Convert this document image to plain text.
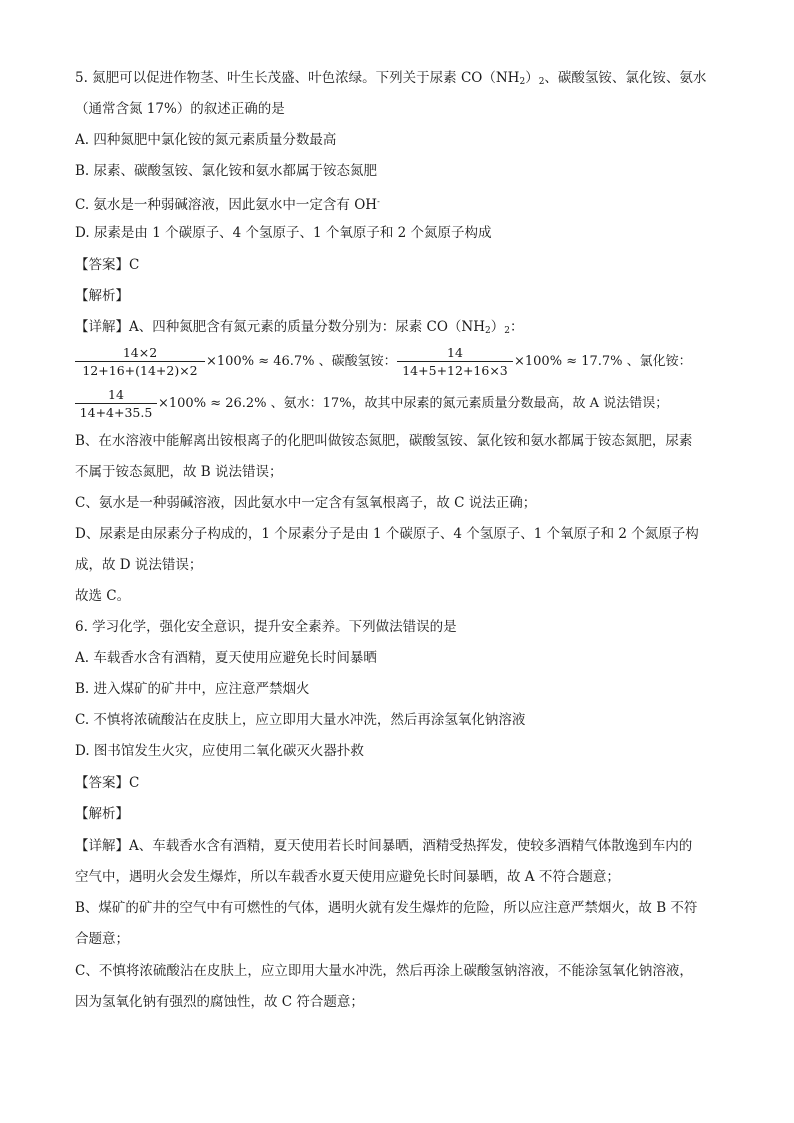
5. 氮肥可以促进作物茎、叶生长茂盛、叶色浓绿。下列关于尿素 $CO(NH_2)_2$、碳酸氢铵、氯化铵、氨水
（通常含氮 17%）的叙述正确的是
A. 四种氮肥中氯化铵的氮元素质量分数最高
B. 尿素、碳酸氢铵、氯化铵和氨水都属于铵态氮肥
C. 氨水是一种弱碱溶液，因此氨水中一定含有 OH-
D. 尿素是由 1 个碳原子、4 个氢原子、1 个氧原子和 2 个氮原子构成
【答案】C
【解析】
【详解】A、四种氮肥含有氮元素的质量分数分别为：尿素 $CO(NH_2)_2$：
14×2
12+16+(14+2)×2
×100% ≈ 46.7% 、碳酸氢铵：
14
14+5+12+16×3
×100% ≈ 17.7% 、氯化铵：
14
14+4+35.5
×100% ≈ 26.2% 、氨水：17%，故其中尿素的氮元素质量分数最高，故 A 说法错误；
B、在水溶液中能解离出铵根离子的化肥叫做铵态氮肥，碳酸氢铵、氯化铵和氨水都属于铵态氮肥，尿素
不属于铵态氮肥，故 B 说法错误；
C、氨水是一种弱碱溶液，因此氨水中一定含有氢氧根离子，故 C 说法正确；
D、尿素是由尿素分子构成的，1 个尿素分子是由 1 个碳原子、4 个氢原子、1 个氧原子和 2 个氮原子构
成，故 D 说法错误；
故选 C。
6. 学习化学，强化安全意识，提升安全素养。下列做法错误的是
A. 车载香水含有酒精，夏天使用应避免长时间暴晒
B. 进入煤矿的矿井中，应注意严禁烟火
C. 不慎将浓硫酸沾在皮肤上，应立即用大量水冲洗，然后再涂氢氧化钠溶液
D. 图书馆发生火灾，应使用二氧化碳灭火器扑救
【答案】C
【解析】
【详解】A、车载香水含有酒精，夏天使用若长时间暴晒，酒精受热挥发，使较多酒精气体散逸到车内的
空气中，遇明火会发生爆炸，所以车载香水夏天使用应避免长时间暴晒，故 A 不符合题意；
B、煤矿的矿井的空气中有可燃性的气体，遇明火就有发生爆炸的危险，所以应注意严禁烟火，故 B 不符
合题意；
C、不慎将浓硫酸沾在皮肤上，应立即用大量水冲洗，然后再涂上碳酸氢钠溶液，不能涂氢氧化钠溶液，
因为氢氧化钠有强烈的腐蚀性，故 C 符合题意；
